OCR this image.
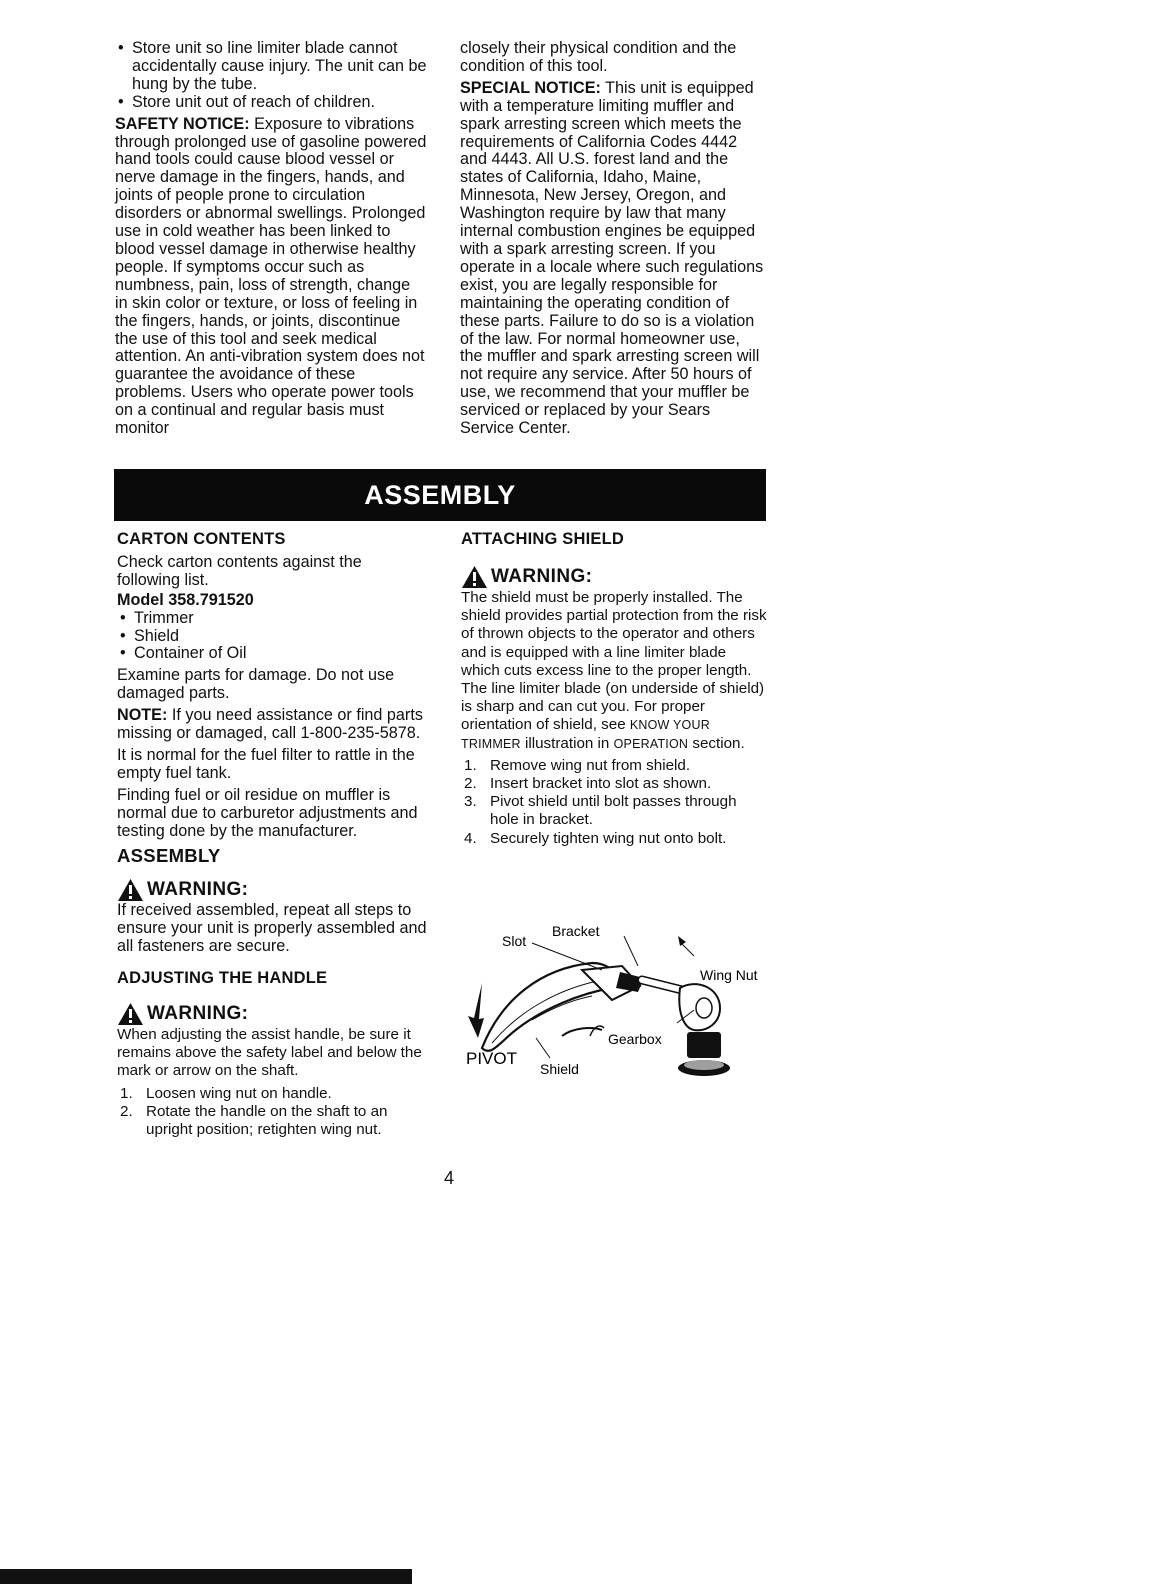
• Store unit so line limiter blade cannot accidentally cause injury. The unit can be hung by the tube.

• Store unit out of reach of children.

SAFETY NOTICE: Exposure to vibrations through prolonged use of gasoline powered hand tools could cause blood vessel or nerve damage in the fingers, hands, and joints of people prone to circulation disorders or abnormal swellings. Prolonged use in cold weather has been linked to blood vessel damage in otherwise healthy people. If symptoms occur such as numbness, pain, loss of strength, change in skin color or texture, or loss of feeling in the fingers, hands, or joints, discontinue the use of this tool and seek medical attention. An anti-vibration system does not guarantee the avoidance of these problems. Users who operate power tools on a continual and regular basis must monitor

closely their physical condition and the condition of this tool.

SPECIAL NOTICE: This unit is equipped with a temperature limiting muffler and spark arresting screen which meets the requirements of California Codes 4442 and 4443. All U.S. forest land and the states of California, Idaho, Maine, Minnesota, New Jersey, Oregon, and Washington require by law that many internal combustion engines be equipped with a spark arresting screen. If you operate in a locale where such regulations exist, you are legally responsible for maintaining the operating condition of these parts. Failure to do so is a violation of the law. For normal homeowner use, the muffler and spark arresting screen will not require any service. After 50 hours of use, we recommend that your muffler be serviced or replaced by your Sears Service Center.

ASSEMBLY

CARTON CONTENTS

Check carton contents against the following list.

Model 358.791520

• Trimmer

• Shield

• Container of Oil

Examine parts for damage. Do not use damaged parts.

NOTE: If you need assistance or find parts missing or damaged, call 1-800-235-5878.

It is normal for the fuel filter to rattle in the empty fuel tank.

Finding fuel or oil residue on muffler is normal due to carburetor adjustments and testing done by the manufacturer.

ASSEMBLY

WARNING:

If received assembled, repeat all steps to ensure your unit is properly assembled and all fasteners are secure.

ADJUSTING THE HANDLE

WARNING:

When adjusting the assist handle, be sure it remains above the safety label and below the mark or arrow on the shaft.

1. Loosen wing nut on handle.

2. Rotate the handle on the shaft to an upright position; retighten wing nut.

ATTACHING SHIELD

WARNING:

The shield must be properly installed. The shield provides partial protection from the risk of thrown objects to the operator and others and is equipped with a line limiter blade which cuts excess line to the proper length. The line limiter blade (on underside of shield) is sharp and can cut you. For proper orientation of shield, see KNOW YOUR TRIMMER illustration in OPERATION section.

1. Remove wing nut from shield.

2. Insert bracket into slot as shown.

3. Pivot shield until bolt passes through hole in bracket.

4. Securely tighten wing nut onto bolt.

Slot
Bracket
Wing Nut
Gearbox
PIVOT
Shield
4
